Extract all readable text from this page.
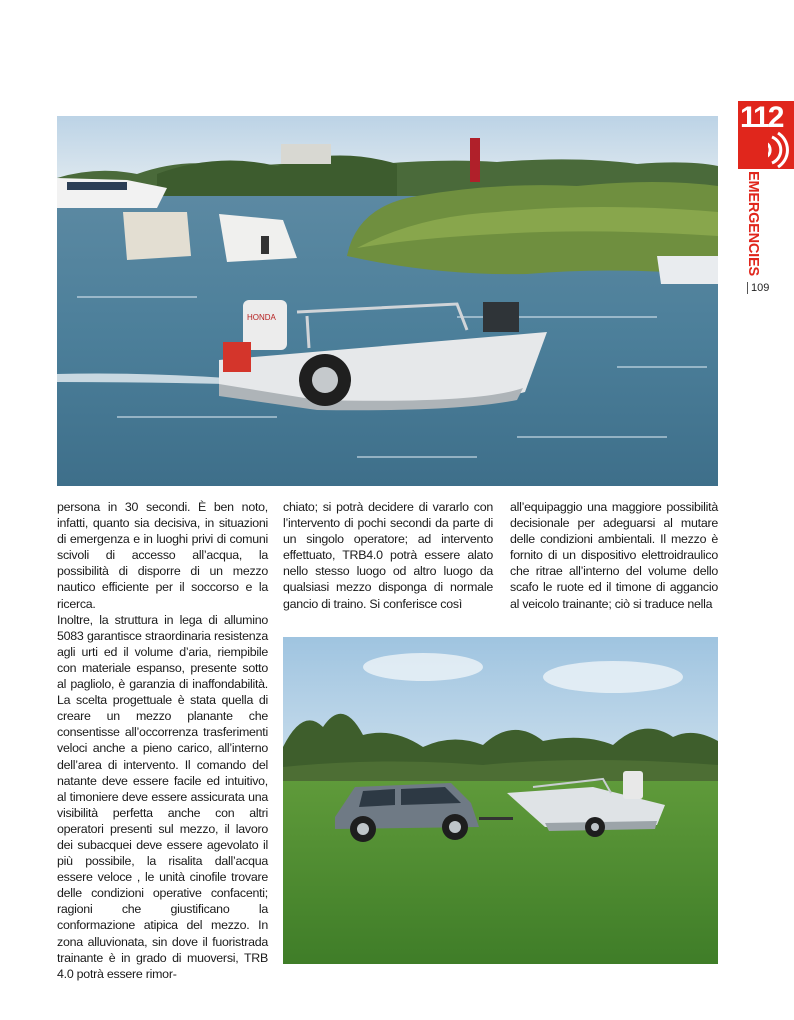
112
EMERGENCIES
109
HONDA

persona in 30 secondi. È ben noto, infatti, quanto sia decisiva, in situazioni di emergenza e in luoghi privi di comuni scivoli di accesso all’acqua, la possibilità di disporre di un mezzo nautico efficiente per il soccorso e la ricerca.

Inoltre, la struttura in lega di allumino 5083 garantisce straordinaria resistenza agli urti ed il volume d’aria, riempibile con materiale espanso, presente sotto al pagliolo, è garanzia di inaffondabilità. La scelta progettuale è stata quella di creare un mezzo planante che consentisse all’occorrenza trasferimenti veloci anche a pieno carico, all’interno dell’area di intervento. Il comando del natante deve essere facile ed intuitivo, al timoniere deve essere assicurata una visibilità perfetta anche con altri operatori presenti sul mezzo, il lavoro dei subacquei deve essere agevolato il più possibile, la risalita dall’acqua essere veloce , le unità cinofile trovare delle condizioni operative confacenti; ragioni che giustificano la conformazione atipica del mezzo. In zona alluvionata, sin dove il fuoristrada trainante è in grado di muoversi, TRB 4.0 potrà essere rimor-

chiato; si potrà decidere di vararlo con l’intervento di pochi secondi da parte di un singolo operatore; ad intervento effettuato, TRB4.0 potrà essere alato nello stesso luogo od altro luogo da qualsiasi mezzo disponga di normale gancio di traino. Si conferisce così

all’equipaggio una maggiore possibilità decisionale per adeguarsi al mutare delle condizioni ambientali. Il mezzo è fornito di un dispositivo elettroidraulico che ritrae all’interno del volume dello scafo le ruote ed il timone di aggancio al veicolo trainante; ciò si traduce nella
